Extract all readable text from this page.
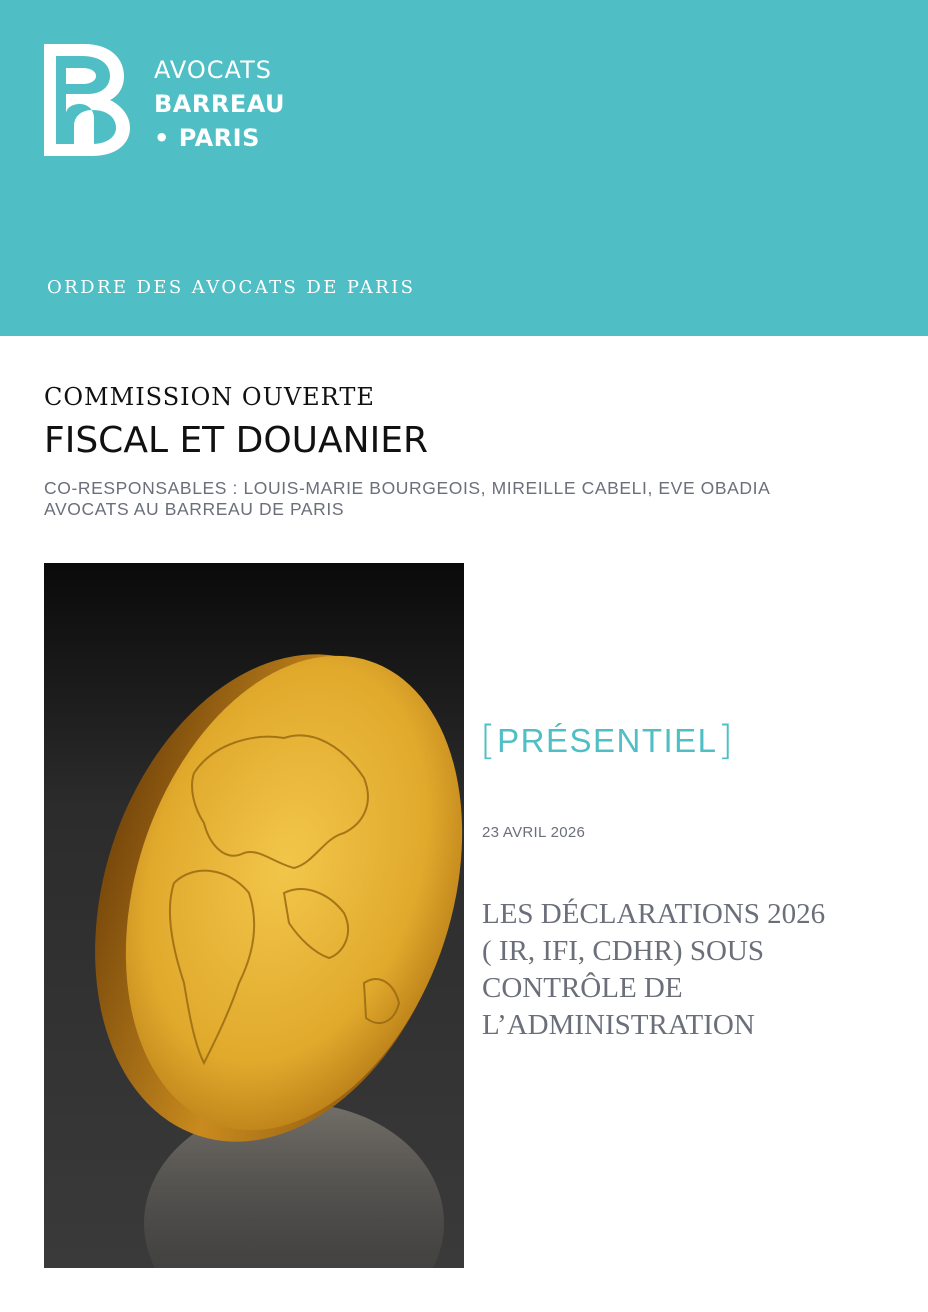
AVOCATS
BARREAU
• PARIS
ORDRE DES AVOCATS DE PARIS
COMMISSION OUVERTE
FISCAL ET DOUANIER
CO-RESPONSABLES : LOUIS-MARIE BOURGEOIS, MIREILLE CABELI, EVE OBADIA
AVOCATS AU BARREAU DE PARIS
[PRÉSENTIEL]
23 AVRIL 2026
LES DÉCLARATIONS 2026
( IR, IFI, CDHR) SOUS
CONTRÔLE DE
L’ADMINISTRATION
